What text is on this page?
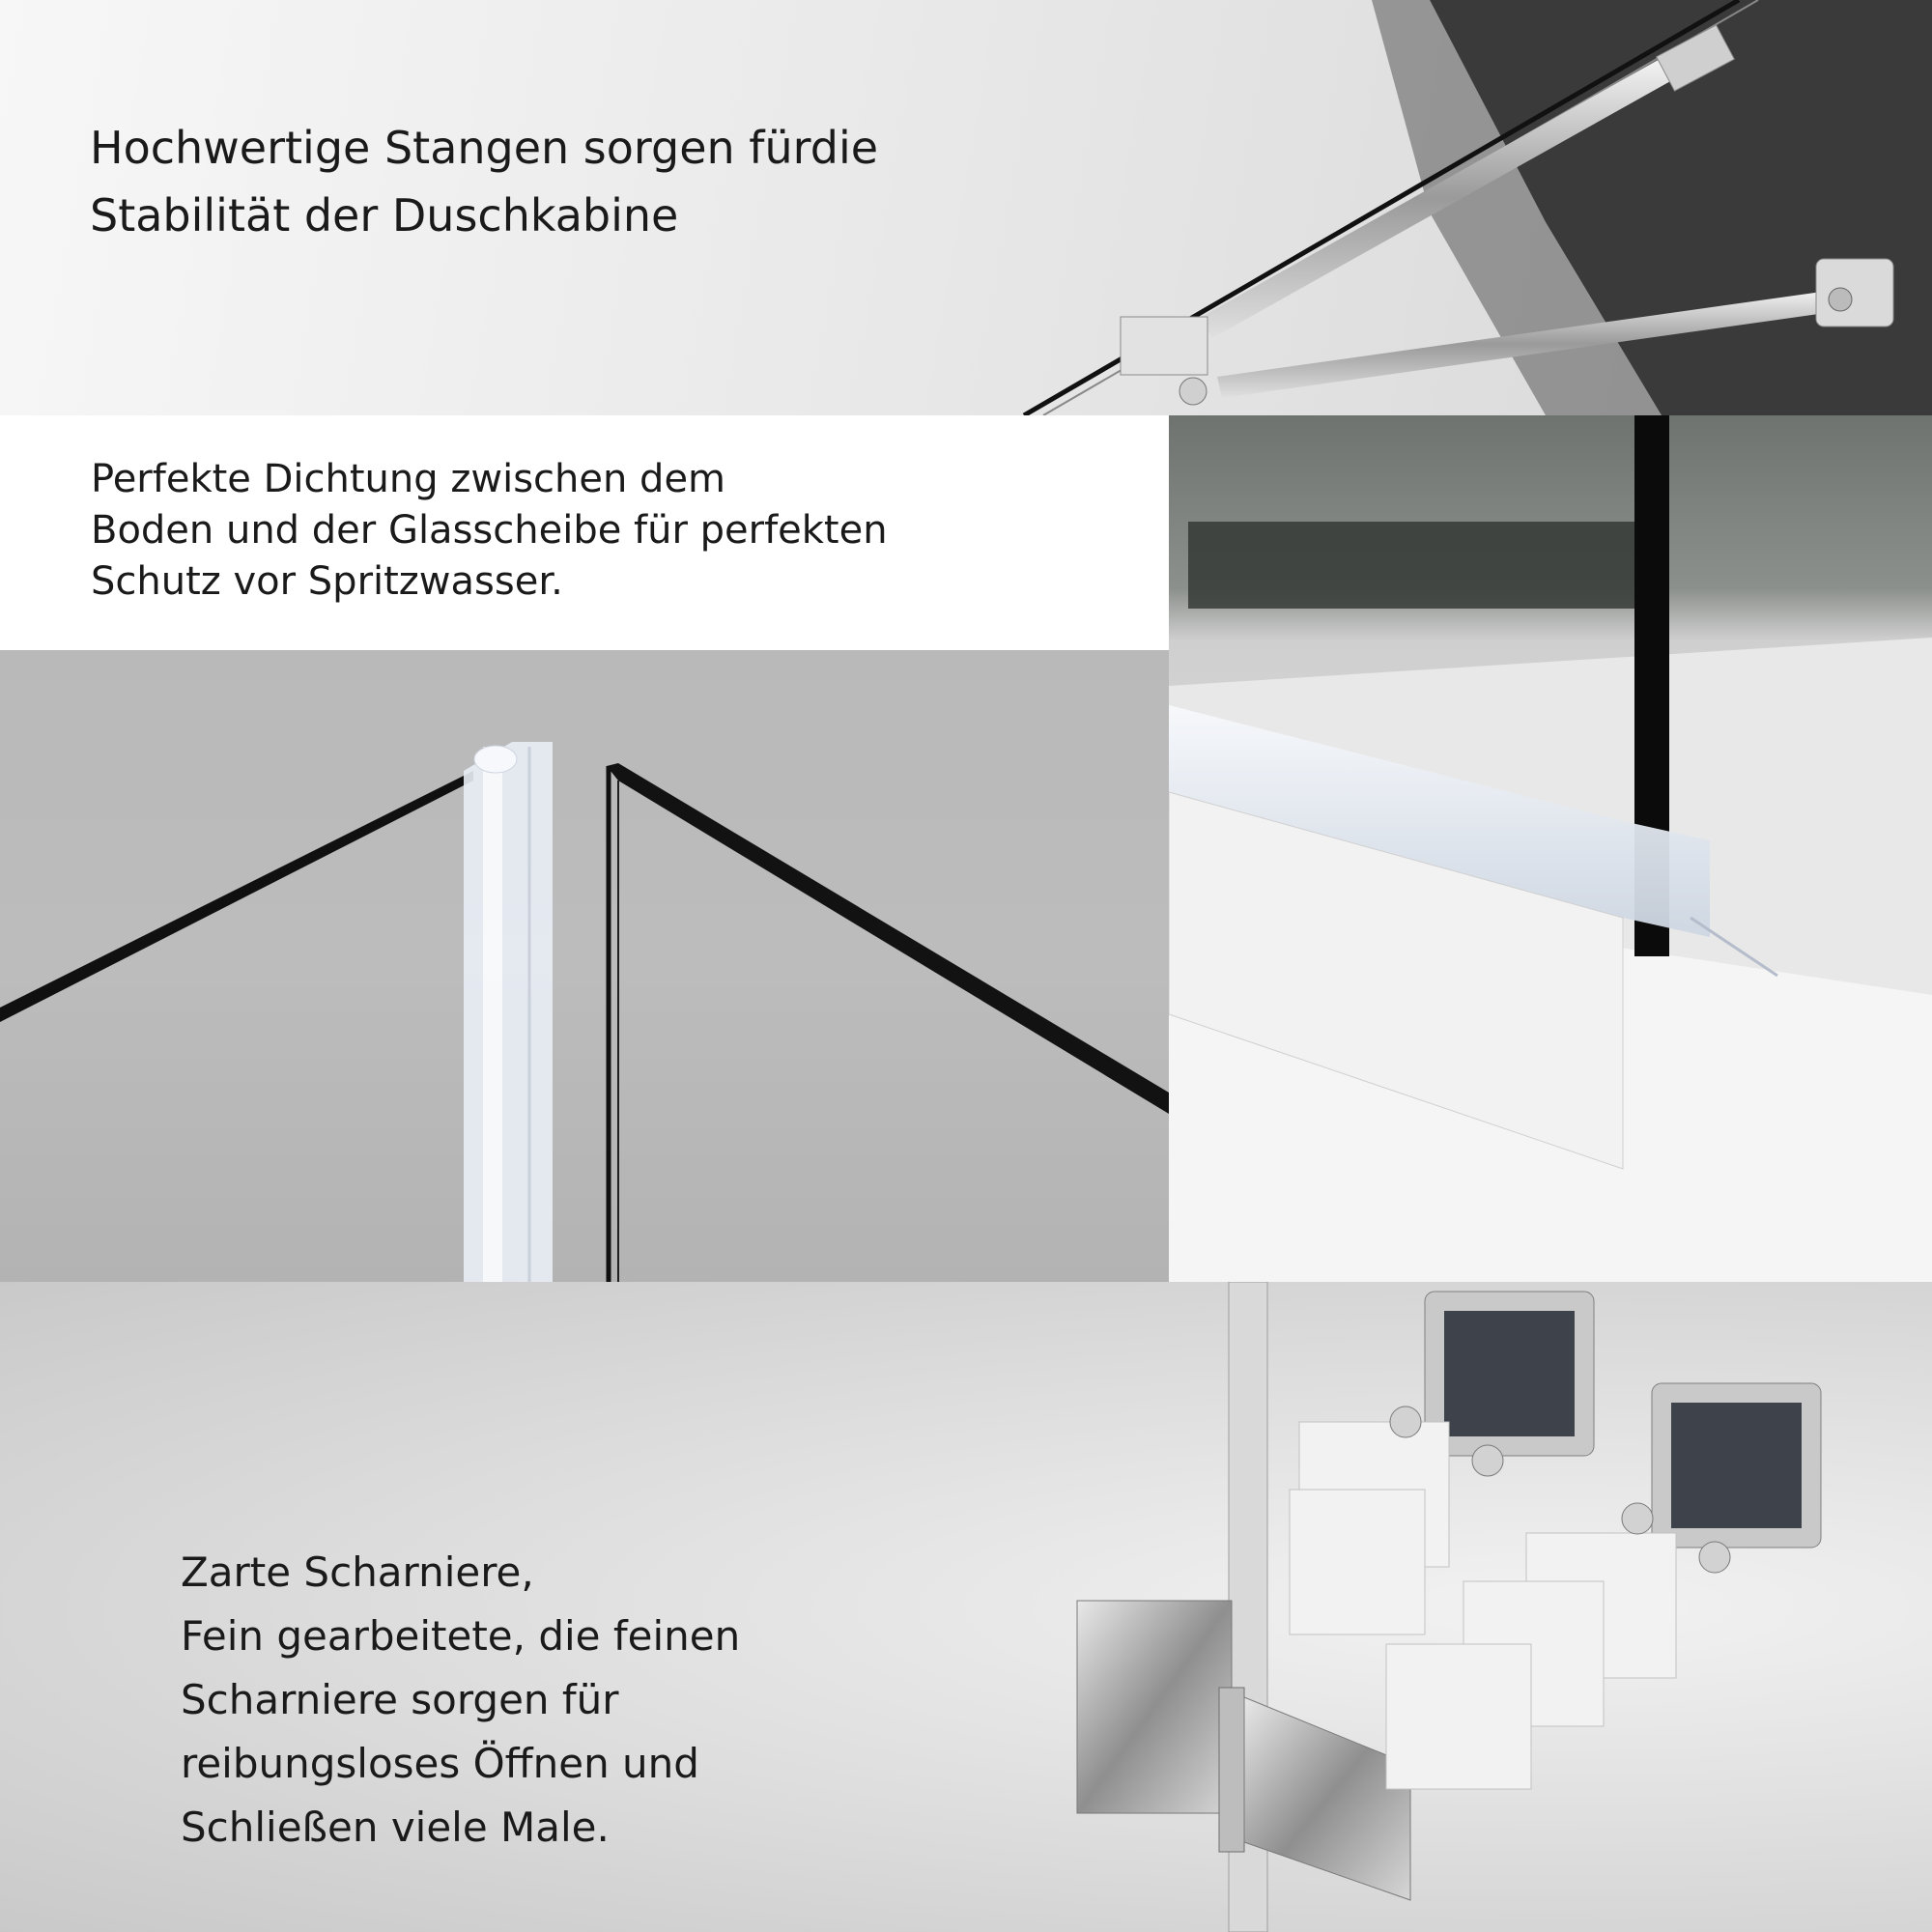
Hochwertige Stangen sorgen fürdie
Stabilität der Duschkabine
Perfekte Dichtung zwischen dem
Boden und der Glasscheibe für perfekten
Schutz vor Spritzwasser.
Zarte Scharniere,
Fein gearbeitete, die feinen
Scharniere sorgen für
reibungsloses Öffnen und
Schließen viele Male.
